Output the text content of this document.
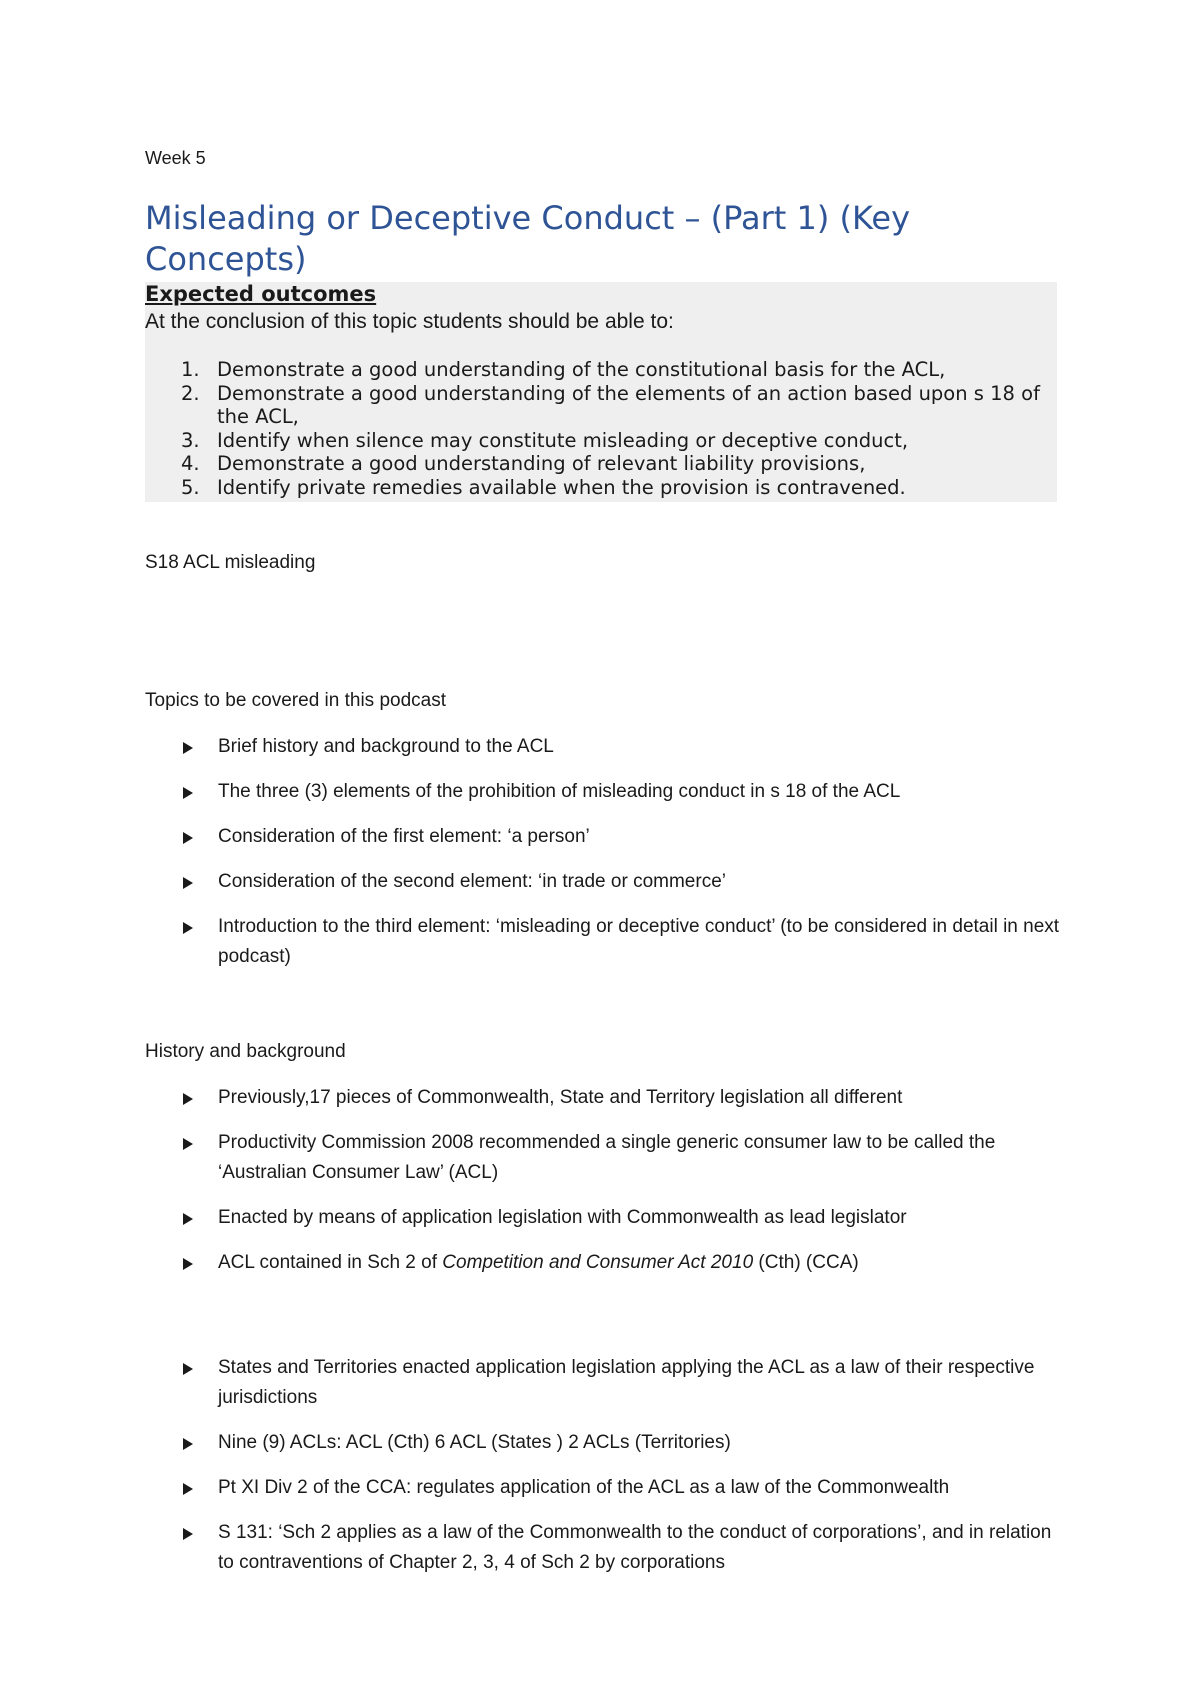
Week 5
Misleading or Deceptive Conduct – (Part 1) (Key Concepts)
Expected outcomes
At the conclusion of this topic students should be able to:
1. Demonstrate a good understanding of the constitutional basis for the ACL,
2. Demonstrate a good understanding of the elements of an action based upon s 18 of the ACL,
3. Identify when silence may constitute misleading or deceptive conduct,
4. Demonstrate a good understanding of relevant liability provisions,
5. Identify private remedies available when the provision is contravened.
S18 ACL misleading
Topics to be covered in this podcast
Brief history and background to the ACL
The three (3) elements of the prohibition of misleading conduct in s 18 of the ACL
Consideration of the first element: ‘a person’
Consideration of the second element: ‘in trade or commerce’
Introduction to the third element: ‘misleading or deceptive conduct’ (to be considered in detail in next podcast)
History and background
Previously,17 pieces of Commonwealth, State and Territory legislation all different
Productivity Commission 2008 recommended a single generic consumer law to be called the ‘Australian Consumer Law’ (ACL)
Enacted by means of application legislation with Commonwealth as lead legislator
ACL contained in Sch 2 of Competition and Consumer Act 2010 (Cth) (CCA)
States and Territories enacted application legislation applying the ACL as a law of their respective jurisdictions
Nine (9) ACLs: ACL (Cth) 6 ACL (States ) 2 ACLs (Territories)
Pt XI Div 2 of the CCA: regulates application of the ACL as a law of the Commonwealth
S 131: ‘Sch 2 applies as a law of the Commonwealth to the conduct of corporations’, and in relation to contraventions of Chapter 2, 3, 4 of Sch 2 by corporations
